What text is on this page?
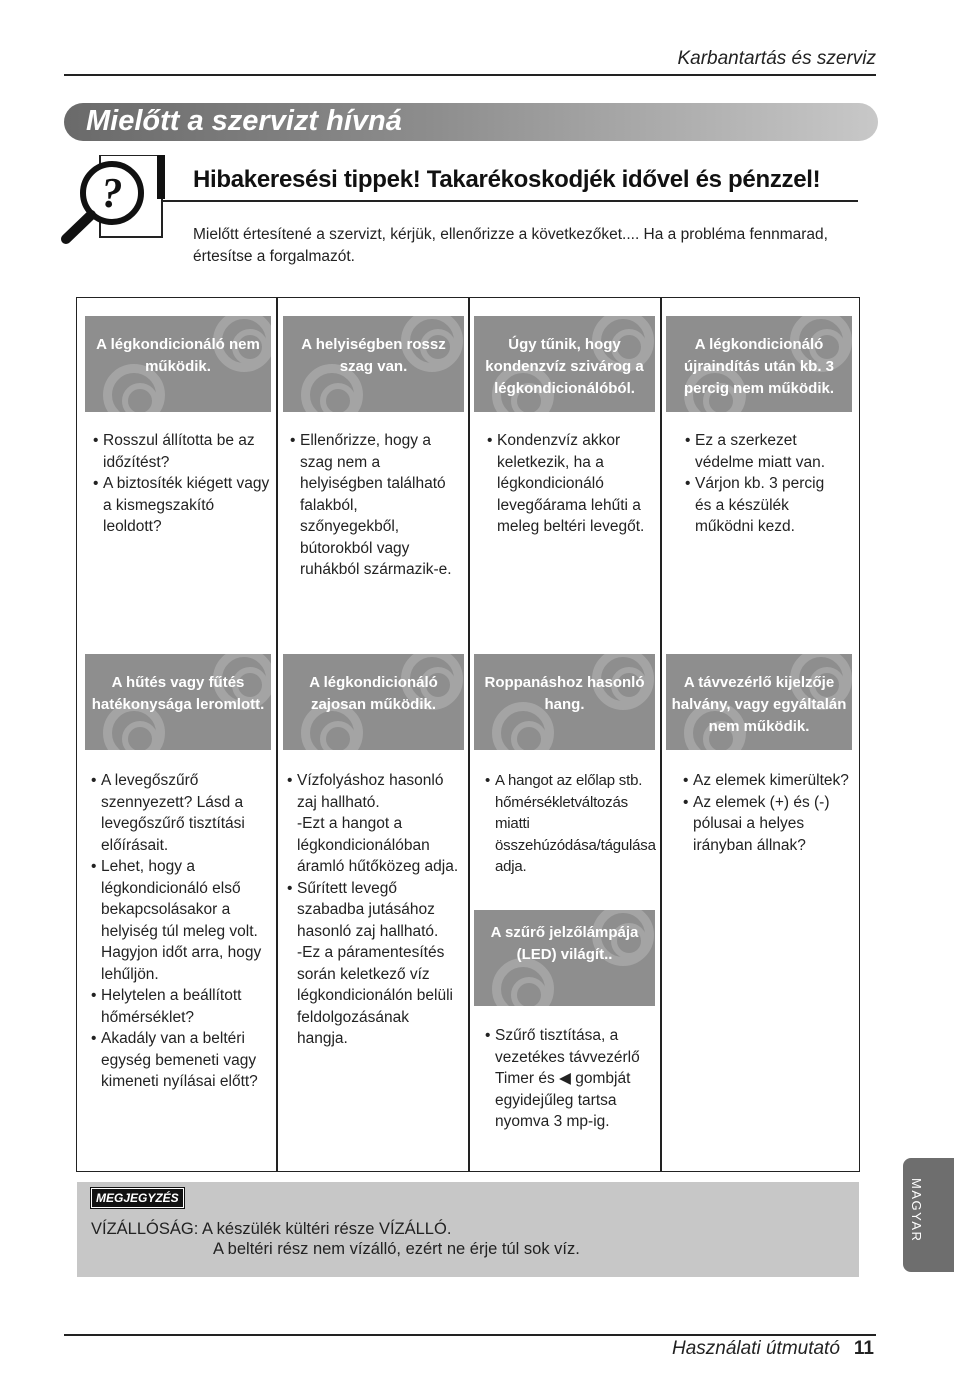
Karbantartás és szerviz
Mielőtt a szervizt hívná
?	Hibakeresési tippek! Takarékoskodjék idővel és pénzzel!
Mielőtt értesítené a szervizt, kérjük, ellenőrizze a következőket.... Ha a probléma fennmarad, értesítse a forgalmazót.
A légkondicionáló nem működik.
A helyiségben rossz szag van.
Úgy tűnik, hogy kondenzvíz szivárog a légkondicionálóból.
A légkondicionáló újraindítás után kb. 3 percig nem működik.
• Rosszul állította be az időzítést?
• A biztosíték kiégett vagy a kismegszakító leoldott?
• Ellenőrizze, hogy a szag nem a helyiségben található falakból, szőnyegekből, bútorokból vagy ruhákból származik-e.
• Kondenzvíz akkor keletkezik, ha a légkondicionáló levegőárama lehűti a meleg beltéri levegőt.
• Ez a szerkezet védelme miatt van.
• Várjon kb. 3 percig és a készülék működni kezd.
A hűtés vagy fűtés hatékonysága leromlott.
A légkondicionáló zajosan működik.
Roppanáshoz hasonló hang.
A távvezérlő kijelzője halvány, vagy egyáltalán nem működik.
• A levegőszűrő szennyezett? Lásd a levegőszűrő tisztítási előírásait.
• Lehet, hogy a légkondicionáló első bekapcsolásakor a helyiség túl meleg volt. Hagyjon időt arra, hogy lehűljön.
• Helytelen a beállított hőmérséklet?
• Akadály van a beltéri egység bemeneti vagy kimeneti nyílásai előtt?
• Vízfolyáshoz hasonló zaj hallható.
-Ezt a hangot a légkondicionálóban áramló hűtőközeg adja.
• Sűrített levegő szabadba jutásához hasonló zaj hallható.
-Ez a páramentesítés során keletkező víz légkondicionálón belüli feldolgozásának hangja.
• A hangot az előlap stb. hőmérsékletváltozás miatti összehúzódása/tágulása adja.
A szűrő jelzőlámpája (LED) világít..
• Szűrő tisztítása, a vezetékes távvezérlő
Timer és ◀ gombját
egyidejűleg tartsa
nyomva 3 mp-ig.
• Az elemek kimerültek?
• Az elemek (+) és (-) pólusai a helyes irányban állnak?
MEGJEGYZÉS
VÍZÁLLÓSÁG: A készülék kültéri része VÍZÁLLÓ.
A beltéri rész nem vízálló, ezért ne érje túl sok víz.
MAGYAR
Használati útmutató 11
